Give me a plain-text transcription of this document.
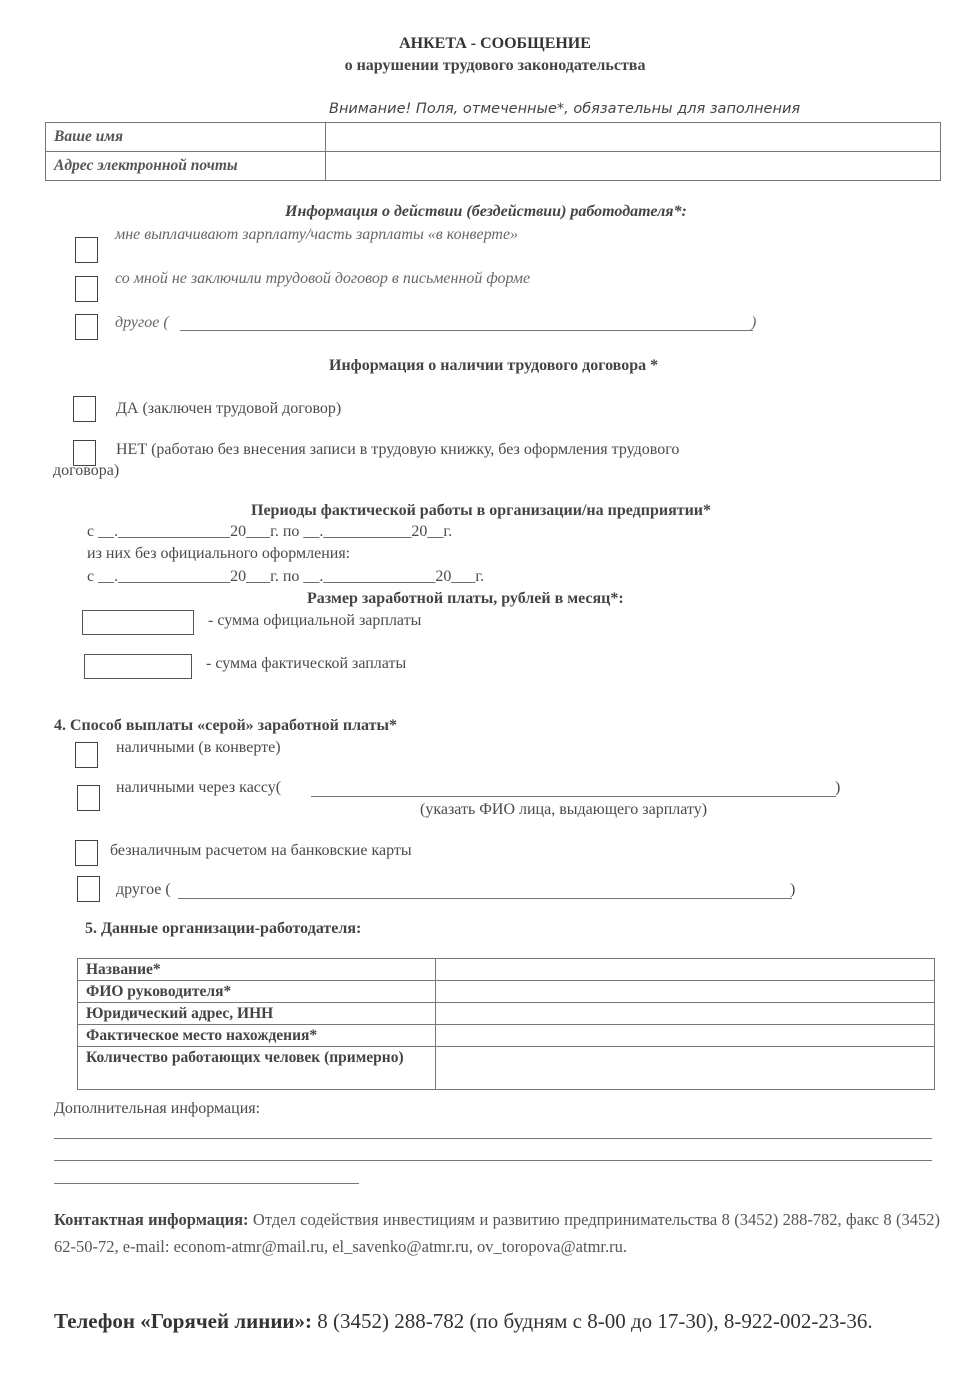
АНКЕТА - СООБЩЕНИЕ
о нарушении трудового законодательства
Внимание! Поля, отмеченные*, обязательны для заполнения
Ваше имя	
Адрес электронной почты	
Информация о действии (бездействии) работодателя*:
мне выплачивают зарплату/часть зарплаты «в конверте»
со мной не заключили трудовой договор в письменной форме
другое (	)
Информация о наличии трудового договора *
ДА (заключен трудовой договор)
НЕТ (работаю без внесения записи в трудовую книжку, без оформления трудового
договора)
Периоды фактической работы в организации/на предприятии*
с __.______________20___г. по __.___________20__г.
из них без официального оформления:
с __.______________20___г. по __.______________20___г.
Размер заработной платы, рублей в месяц*:
- сумма официальной зарплаты
- сумма фактической заплаты
4. Способ выплаты «серой» заработной платы*
наличными (в конверте)
наличными через кассу(	)
(указать ФИО лица, выдающего зарплату)
безналичным расчетом на банковские карты
другое (	)
5. Данные организации-работодателя:
Название*	
ФИО руководителя*	
Юридический адрес, ИНН	
Фактическое место нахождения*	
Количество работающих человек (примерно)	
Дополнительная информация:
Контактная информация: Отдел содействия инвестициям и развитию предпринимательства 8 (3452) 288-782, факс 8 (3452) 62-50-72, e-mail: econom-atmr@mail.ru, el_savenko@atmr.ru, ov_toropova@atmr.ru.
Телефон «Горячей линии»: 8 (3452) 288-782 (по будням с 8-00 до 17-30), 8-922-002-23-36.
